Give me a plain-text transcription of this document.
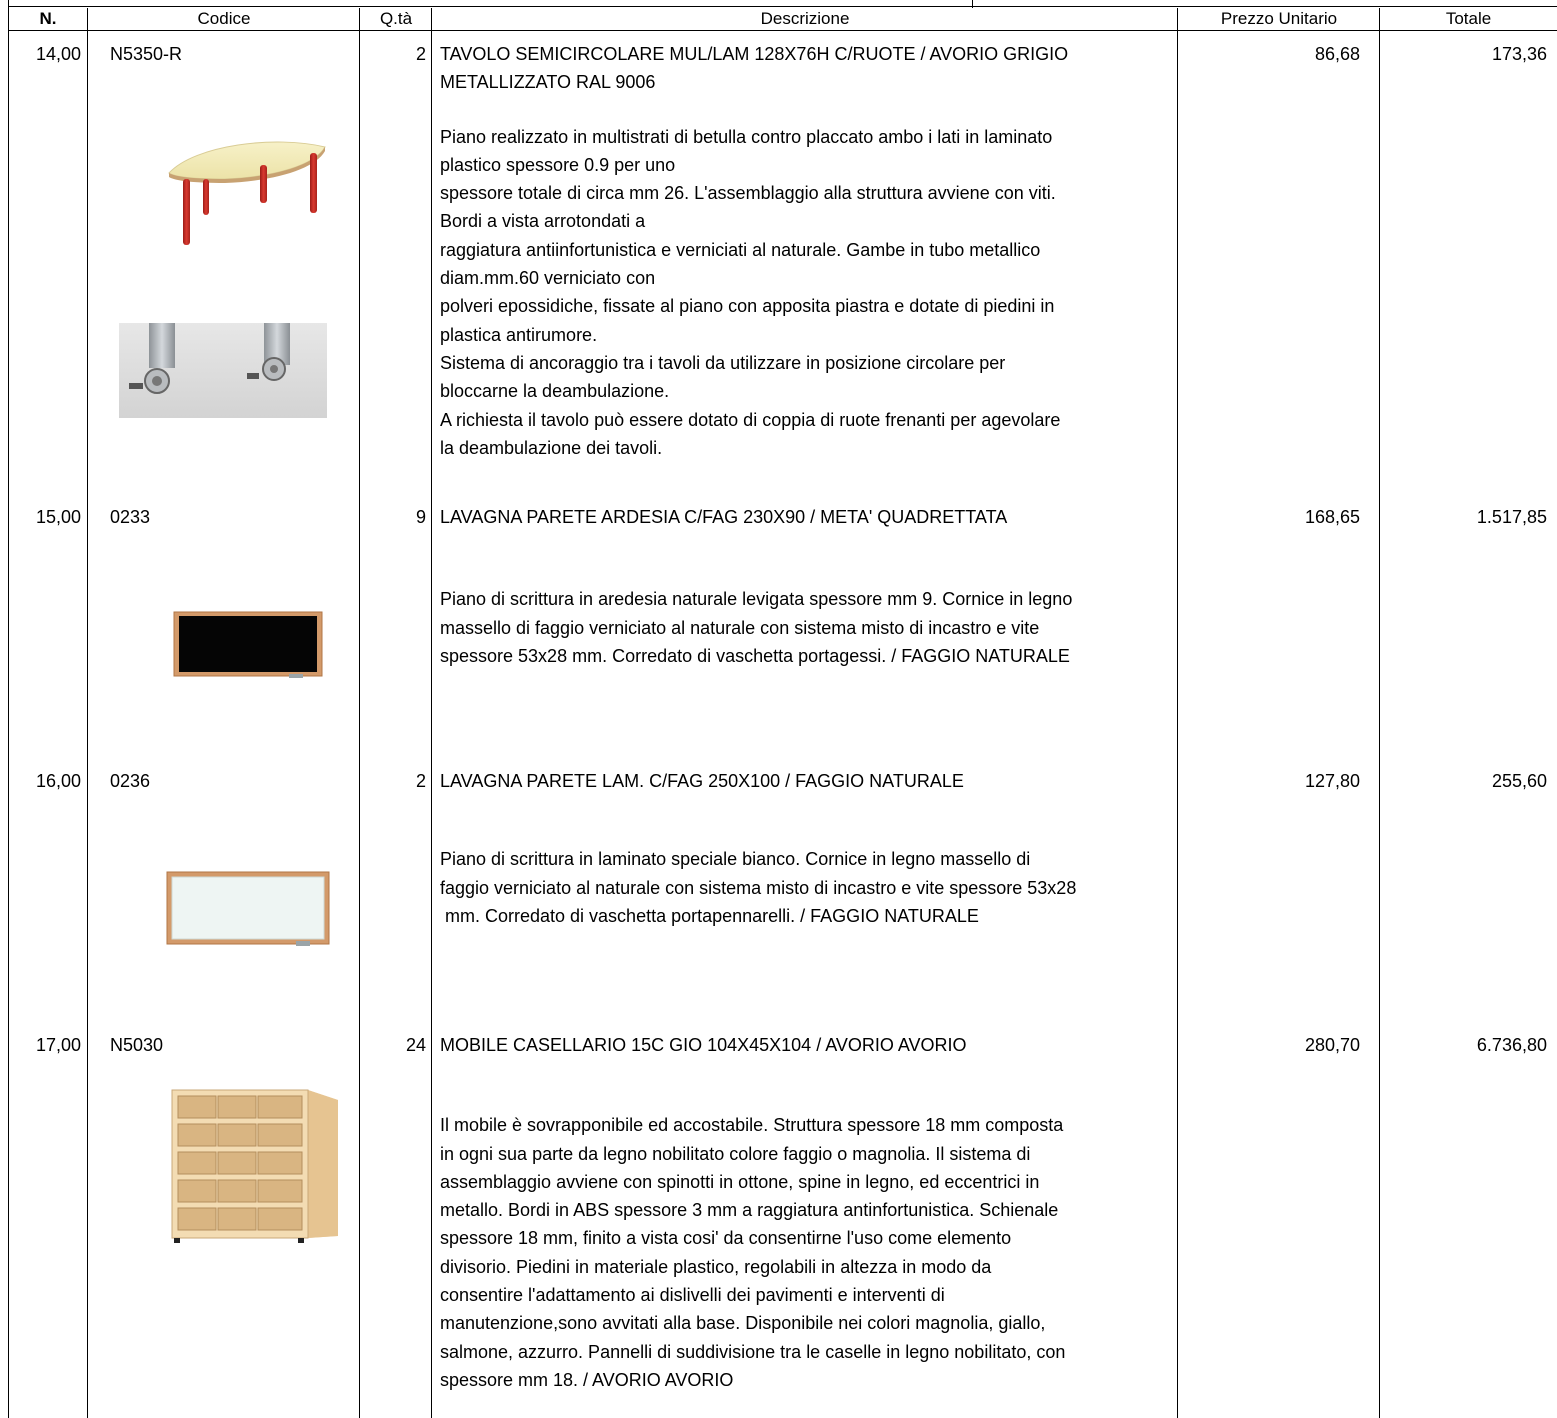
N.	Codice	Q.tà	Descrizione	Prezzo Unitario	Totale
14,00 N5350-R	2 TAVOLO SEMICIRCOLARE MUL/LAM 128X76H C/RUOTE / AVORIO GRIGIO
METALLIZZATO RAL 9006
Piano realizzato in multistrati di betulla contro placcato ambo i lati in laminato
plastico spessore 0.9 per uno
spessore totale di circa mm 26. L'assemblaggio alla struttura avviene con viti.
Bordi a vista arrotondati a
raggiatura antiinfortunistica e verniciati al naturale. Gambe in tubo metallico
diam.mm.60 verniciato con
polveri epossidiche, fissate al piano con apposita piastra e dotate di piedini in
plastica antirumore.
Sistema di ancoraggio tra i tavoli da utilizzare in posizione circolare per
bloccarne la deambulazione.
A richiesta il tavolo può essere dotato di coppia di ruote frenanti per agevolare
la deambulazione dei tavoli.
86,68	173,36
15,00 0233	9 LAVAGNA PARETE ARDESIA C/FAG 230X90 / META' QUADRETTATA
Piano di scrittura in aredesia naturale levigata spessore mm 9. Cornice in legno
massello di faggio verniciato al naturale con sistema misto di incastro e vite
spessore 53x28 mm. Corredato di vaschetta portagessi. / FAGGIO NATURALE
168,65	1.517,85
16,00 0236	2 LAVAGNA PARETE LAM. C/FAG 250X100 / FAGGIO NATURALE
Piano di scrittura in laminato speciale bianco. Cornice in legno massello di
faggio verniciato al naturale con sistema misto di incastro e vite spessore 53x28
mm. Corredato di vaschetta portapennarelli. / FAGGIO NATURALE
127,80	255,60
17,00 N5030	24 MOBILE CASELLARIO 15C GIO 104X45X104 / AVORIO AVORIO
Il mobile è sovrapponibile ed accostabile. Struttura spessore 18 mm composta
in ogni sua parte da legno nobilitato colore faggio o magnolia. Il sistema di
assemblaggio avviene con spinotti in ottone, spine in legno, ed eccentrici in
metallo. Bordi in ABS spessore 3 mm a raggiatura antinfortunistica. Schienale
spessore 18 mm, finito a vista cosi' da consentirne l'uso come elemento
divisorio. Piedini in materiale plastico, regolabili in altezza in modo da
consentire l'adattamento ai dislivelli dei pavimenti e interventi di
manutenzione,sono avvitati alla base. Disponibile nei colori magnolia, giallo,
salmone, azzurro. Pannelli di suddivisione tra le caselle in legno nobilitato, con
spessore mm 18. / AVORIO AVORIO
280,70	6.736,80
